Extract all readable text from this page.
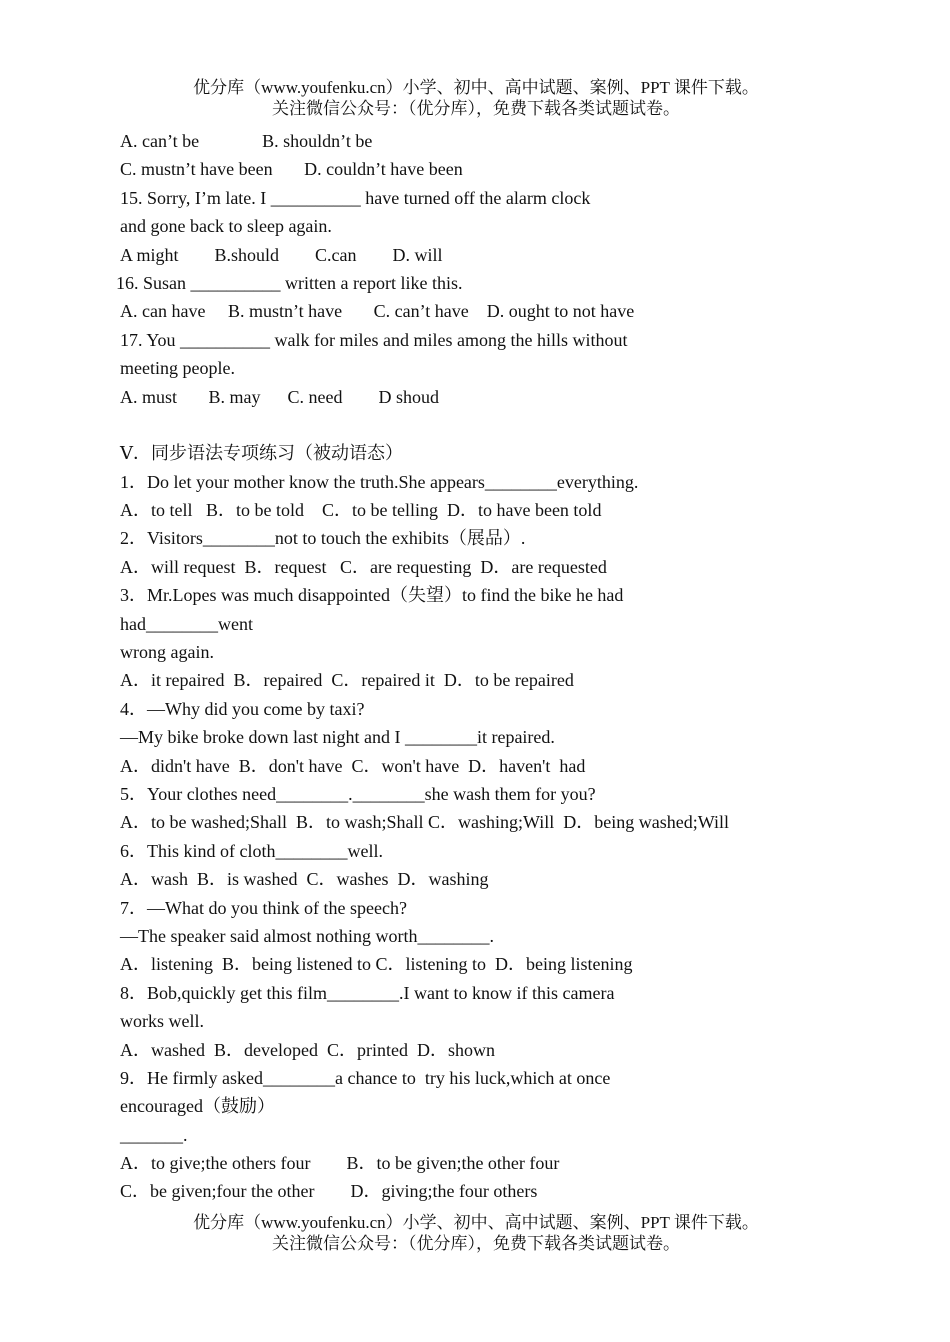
优分库（www.youfenku.cn）小学、初中、高中试题、案例、PPT 课件下载。
关注微信公众号：（优分库），免费下载各类试题试卷。
A. can’t be              B. shouldn’t be
C. mustn’t have been       D. couldn’t have been
15. Sorry, I’m late. I __________ have turned off the alarm clock
and gone back to sleep again.
A might        B.should        C.can        D. will
16. Susan __________ written a report like this.
A. can have     B. mustn’t have       C. can’t have    D. ought to not have
17. You __________ walk for miles and miles among the hills without
meeting people.
A. must       B. may      C. need        D shoud
Ⅴ．同步语法专项练习（被动语态）
1．Do let your mother know the truth.She appears________everything.
A．to tell   B．to be told    C．to be telling  D．to have been told
2．Visitors________not to touch the exhibits（展品）.
A．will request  B．request   C．are requesting  D．are requested
3．Mr.Lopes was much disappointed（失望）to find the bike he had
had________went
wrong again.
A．it repaired  B．repaired  C．repaired it  D．to be repaired
4．—Why did you come by taxi?
—My bike broke down last night and I ________it repaired.
A．didn't have  B．don't have  C．won't have  D．haven't  had
5．Your clothes need________.________she wash them for you?
A．to be washed;Shall  B．to wash;Shall C．washing;Will  D．being washed;Will
6．This kind of cloth________well.
A．wash  B．is washed  C．washes  D．washing
7．—What do you think of the speech?
—The speaker said almost nothing worth________.
A．listening  B．being listened to C．listening to  D．being listening
8．Bob,quickly get this film________.I want to know if this camera
works well.
A．washed  B．developed  C．printed  D．shown
9．He firmly asked________a chance to  try his luck,which at once
encouraged（鼓励）
_______.
A．to give;the others four        B．to be given;the other four
C．be given;four the other        D．giving;the four others
优分库（www.youfenku.cn）小学、初中、高中试题、案例、PPT 课件下载。
关注微信公众号：（优分库），免费下载各类试题试卷。
